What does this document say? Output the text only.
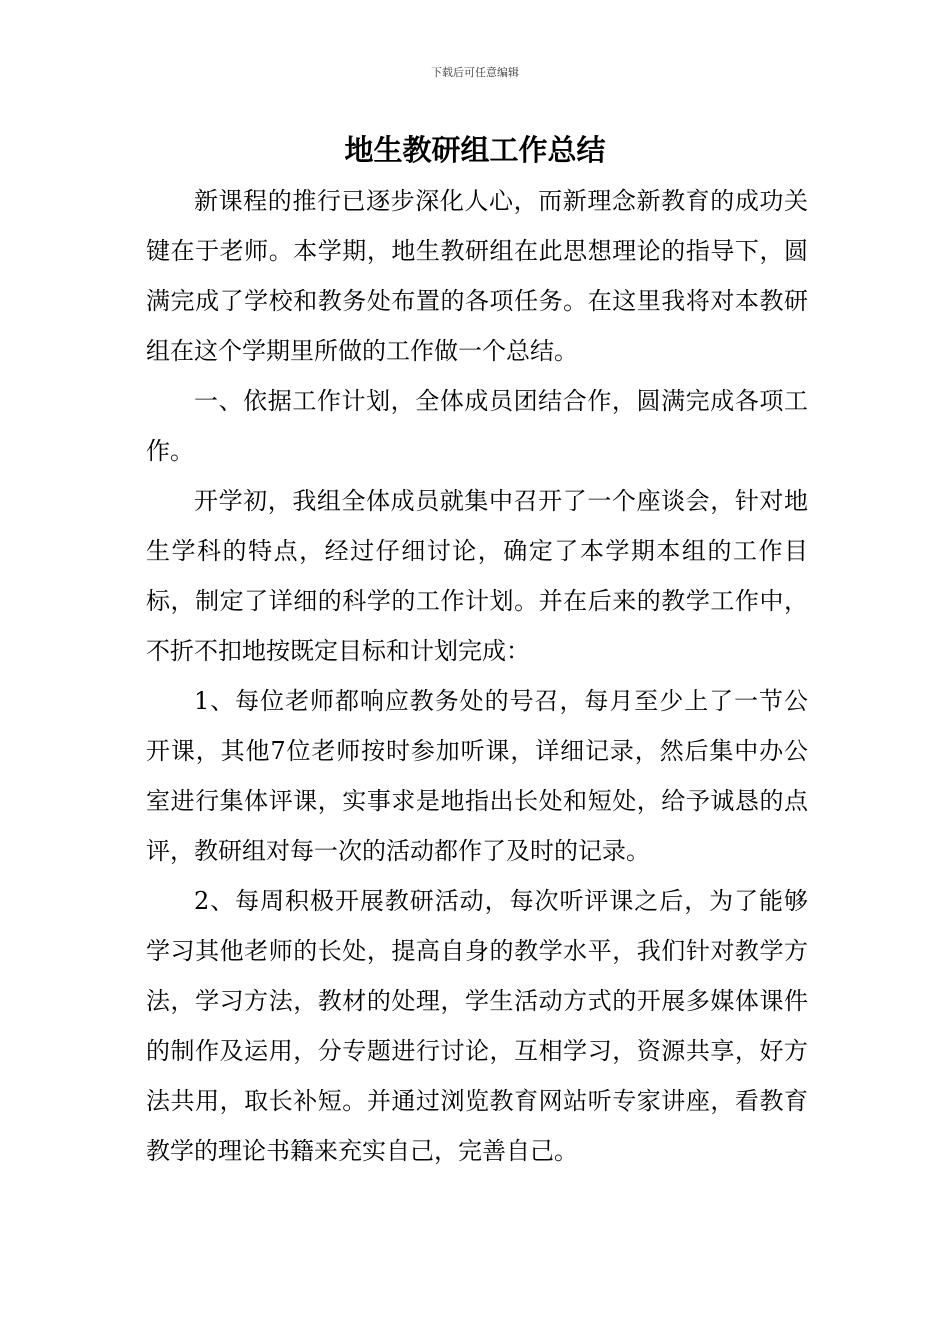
下载后可任意编辑
地生教研组工作总结

新课程的推行已逐步深化人心，而新理念新教育的成功关键在于老师。本学期，地生教研组在此思想理论的指导下，圆满完成了学校和教务处布置的各项任务。在这里我将对本教研组在这个学期里所做的工作做一个总结。

一、依据工作计划，全体成员团结合作，圆满完成各项工作。

开学初，我组全体成员就集中召开了一个座谈会，针对地生学科的特点，经过仔细讨论，确定了本学期本组的工作目标，制定了详细的科学的工作计划。并在后来的教学工作中，不折不扣地按既定目标和计划完成：

1、每位老师都响应教务处的号召，每月至少上了一节公开课，其他7位老师按时参加听课，详细记录，然后集中办公室进行集体评课，实事求是地指出长处和短处，给予诚恳的点评，教研组对每一次的活动都作了及时的记录。

2、每周积极开展教研活动，每次听评课之后，为了能够学习其他老师的长处，提高自身的教学水平，我们针对教学方法，学习方法，教材的处理，学生活动方式的开展多媒体课件的制作及运用，分专题进行讨论，互相学习，资源共享，好方法共用，取长补短。并通过浏览教育网站听专家讲座，看教育教学的理论书籍来充实自己，完善自己。
